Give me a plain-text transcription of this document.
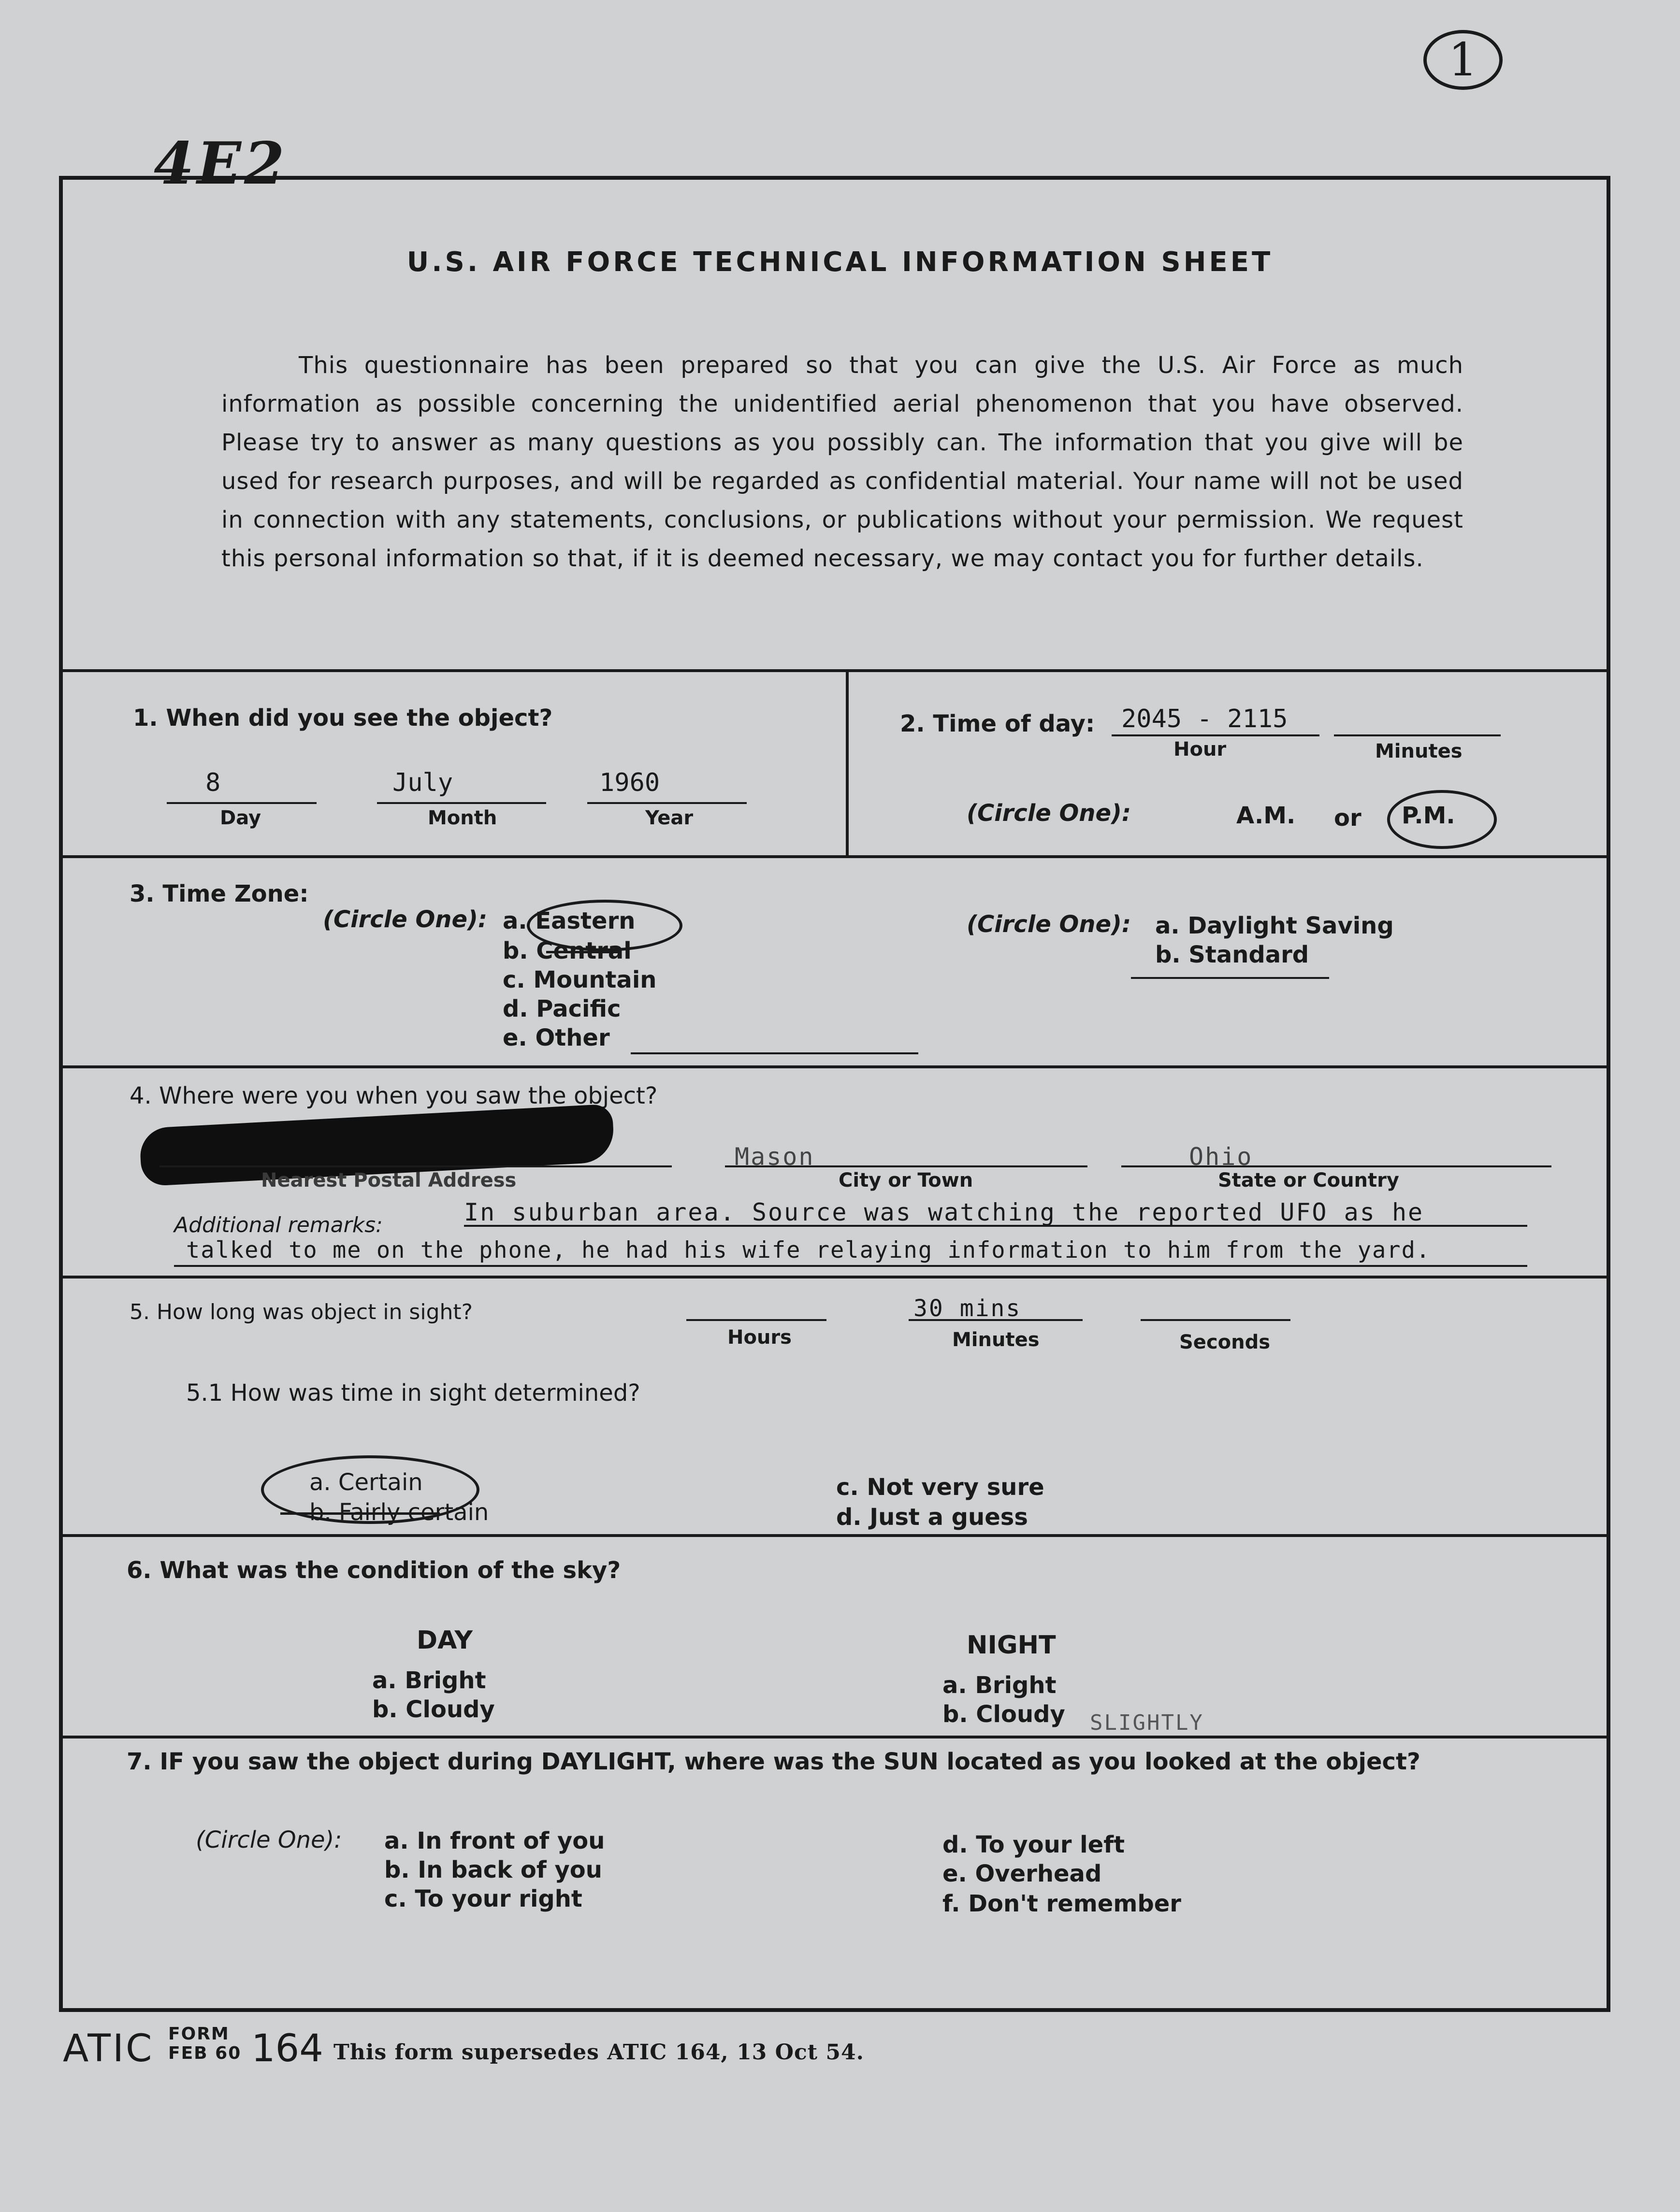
1
4E2
U.S. AIR FORCE TECHNICAL INFORMATION SHEET
This questionnaire has been prepared so that you can give the U.S. Air Force as much information as possible concerning the unidentified aerial phenomenon that you have observed. Please try to answer as many questions as you possibly can. The information that you give will be used for research purposes, and will be regarded as confidential material. Your name will not be used in connection with any statements, conclusions, or publications without your permission. We request this personal information so that, if it is deemed necessary, we may contact you for further details.
1. When did you see the object?
8	July	1960
Day	Month	Year
2. Time of day: 2045 - 2115
Hour	Minutes
(Circle One):	A.M. or P.M.
3. Time Zone:
(Circle One): a. Eastern
b. Central
c. Mountain
d. Pacific
e. Other
(Circle One): a. Daylight Saving
b. Standard
4. Where were you when you saw the object?
Nearest Postal Address
Mason
City or Town
Ohio
State or Country
Additional remarks:	In suburban area. Source was watching the reported UFO as he
talked to me on the phone, he had his wife relaying information to him from the yard.
5. How long was object in sight?	30 mins
Hours	Minutes	Seconds
5.1 How was time in sight determined?
a. Certain
b. Fairly certain
c. Not very sure
d. Just a guess
6. What was the condition of the sky?
DAY
a. Bright
b. Cloudy
NIGHT
a. Bright
b. Cloudy SLIGHTLY
7. IF you saw the object during DAYLIGHT, where was the SUN located as you looked at the object?
(Circle One): a. In front of you
b. In back of you
c. To your right
d. To your left
e. Overhead
f. Don't remember
ATIC FORM
FEB 60 164 This form supersedes ATIC 164, 13 Oct 54.
